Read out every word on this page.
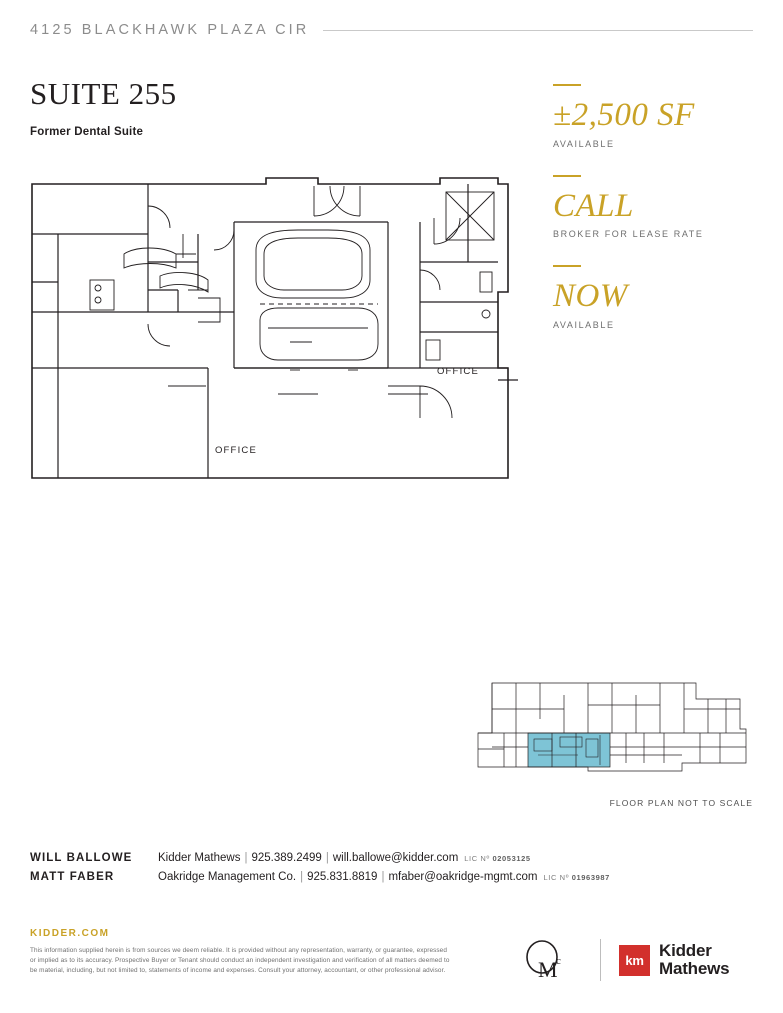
4125 BLACKHAWK PLAZA CIR
SUITE 255
Former Dental Suite	±2,500 SF
AVAILABLE
CALL
BROKER FOR LEASE RATE
NOW
AVAILABLE
OFFICE
OFFICE
FLOOR PLAN NOT TO SCALE
WILL BALLOWE	Kidder Mathews | 925.389.2499 | will.ballowe@kidder.com LIC Nº 02053125
MATT FABER	Oakridge Management Co. | 925.831.8819 | mfaber@oakridge-mgmt.com LIC Nº 01963987
KIDDER.COM
This information supplied herein is from sources we deem reliable. It is provided without any representation, warranty, or guarantee, expressed or implied as to its accuracy. Prospective Buyer or Tenant should conduct an independent investigation and verification of all matters deemed to be material, including, but not limited to, statements of income and expenses. Consult your attorney, accountant, or other professional advisor.	M
c	km Kidder
Mathews
